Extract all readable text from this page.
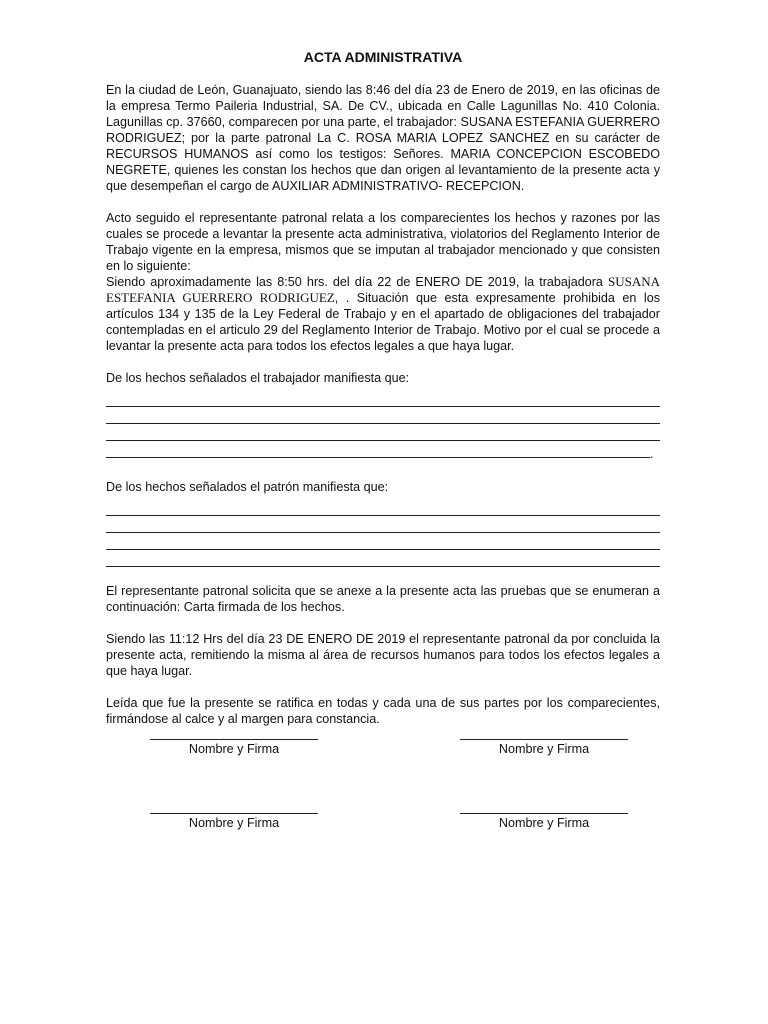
ACTA ADMINISTRATIVA

En la ciudad de León, Guanajuato, siendo las 8:46 del día 23 de Enero de 2019, en las oficinas de la empresa Termo Paileria Industrial, SA. De CV., ubicada en Calle Lagunillas No. 410 Colonia. Lagunillas cp. 37660, comparecen por una parte, el trabajador: SUSANA ESTEFANIA GUERRERO RODRIGUEZ; por la parte patronal La C. ROSA MARIA LOPEZ SANCHEZ en su carácter de RECURSOS HUMANOS así como los testigos: Señores. MARIA CONCEPCION ESCOBEDO NEGRETE, quienes les constan los hechos que dan origen al levantamiento de la presente acta y que desempeñan el cargo de AUXILIAR ADMINISTRATIVO- RECEPCION.

Acto seguido el representante patronal relata a los comparecientes los hechos y razones por las cuales se procede a levantar la presente acta administrativa, violatorios del Reglamento Interior de Trabajo vigente en la empresa, mismos que se imputan al trabajador mencionado y que consisten en lo siguiente:

Siendo aproximadamente las 8:50 hrs. del día 22 de ENERO DE 2019, la trabajadora SUSANA ESTEFANIA GUERRERO RODRIGUEZ, . Situación que esta expresamente prohibida en los artículos 134 y 135 de la Ley Federal de Trabajo y en el apartado de obligaciones del trabajador contempladas en el articulo 29 del Reglamento Interior de Trabajo. Motivo por el cual se procede a levantar la presente acta para todos los efectos legales a que haya lugar.

De los hechos señalados el trabajador manifiesta que:

.

De los hechos señalados el patrón manifiesta que:

El representante patronal solicita que se anexe a la presente acta las pruebas que se enumeran a continuación: Carta firmada de los hechos.

Siendo las 11:12 Hrs del día 23 DE ENERO DE 2019 el representante patronal da por concluida la presente acta, remitiendo la misma al área de recursos humanos para todos los efectos legales a que haya lugar.

Leída que fue la presente se ratifica en todas y cada una de sus partes por los comparecientes, firmándose al calce y al margen para constancia.

Nombre y Firma	Nombre y Firma
Nombre y Firma	Nombre y Firma
